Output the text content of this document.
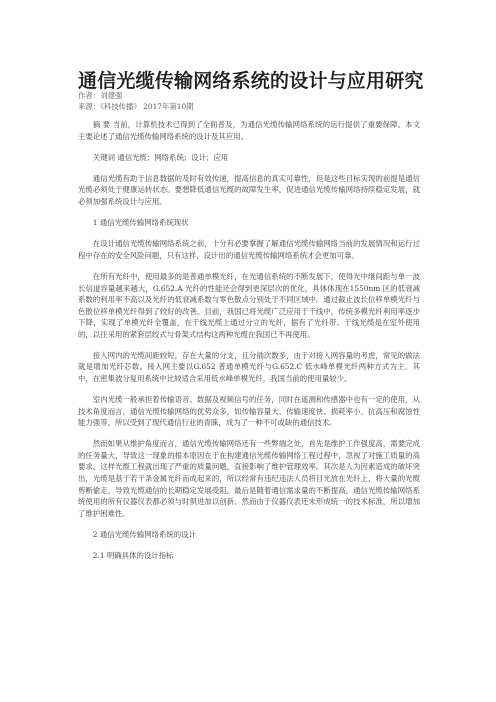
通信光缆传输网络系统的设计与应用研究
作者：刘建强
来源：《科技传播》 2017年第10期

摘 要 当前，计算机技术已得到了全面普及，为通信光缆传输网络系统的运行提供了重要保障。本文主要论述了通信光缆传输网络系统的设计及其应用。

关键词 通信光缆；网络系统；设计；应用

通信光缆有助于信息数据的及时有效传递，提高信息的真实可靠性，但是这些目标实现的前提是通信光缆必须处于健康运转状态。要想降低通信光缆的故障发生率，促进通信光缆传输网络持续稳定发展，就必须加强系统设计与应用。

1 通信光缆传输网络系统现状

在设计通信光缆传输网络系统之前，十分有必要掌握了解通信光缆传输网络当前的发展情况和运行过程中存在的安全风险问题，只有这样，设计出的通信光缆传输网络系统才会更加可靠。

在所有光纤中，使用最多的是普通单模光纤，在光通信系统的不断发展下，使得光中继间距与单一波长信道容量越来越大，G.652.A 光纤的性能还会得到更深层次的优化，具体体现在1550nm 区的低衰减系数的利用率不高以及光纤的低衰减系数与零色散点分别处于不同区域中。通过截止波长位移单模光纤与色散位移单模光纤得到了较好的改善。目前，我国已将光缆广泛应用于干线中，传统多模光纤利用率逐步下降，实现了单模光纤全覆盖，在干线光缆上通过分立的光纤，据有了光纤带。干线光缆是在室外使用的，以往采用的紧套层绞式与骨架式结构这两种光缆在我国已不再使用。

接入网内的光缆间距较短，存在大量的分支，且分插次数多，由于对接入网容量的考虑，常见的做法就是增加光纤芯数。接入网主要以G.652 普通单模光纤与G.652.C 低水峰单模光纤两种方式为主。其中，在密集波分复用系统中比较适合采用低水峰单模光纤，我国当前的使用量较少。

室内光缆一般承担着传输语音、数据及视频信号的任务，同时在遥测和传感器中也有一定的使用，从技术角度而言，通信光缆传输网络的优势众多，如传输容量大、传输速度快、损耗率小、抗高压和腐蚀性能力强等，所以受到了现代通信行业的青睐，成为了一种不可或缺的通信技术。

然而如果从维护角度而言，通信光缆传输网络还有一些弊端之处，首先是维护工作强度高，需要完成的任务量大，导致这一现象的根本原因在于在构建通信光缆传输网络工程过程中，忽视了对施工质量的高要求，这样光缆工程就出现了严重的质量问题，直接影响了维护管理效率。其次是人为因素造成的破坏突出，光缆是基于若干条金属光纤而成起来的，所以经常有违纪违法人员将目光放在光纤上，将大量的光缆剪断偷走，导致光缆通信的长期稳定发展受阻。最后是随着通信需求量的不断提高，通信光缆传输网络系统使用的所有仪器仪表都必须与时俱进加以创新。然而由于仪器仪表还未形成统一的技术标准，所以增加了维护困难性。

2 通信光缆传输网络系统的设计

2.1 明确具体的设计指标
